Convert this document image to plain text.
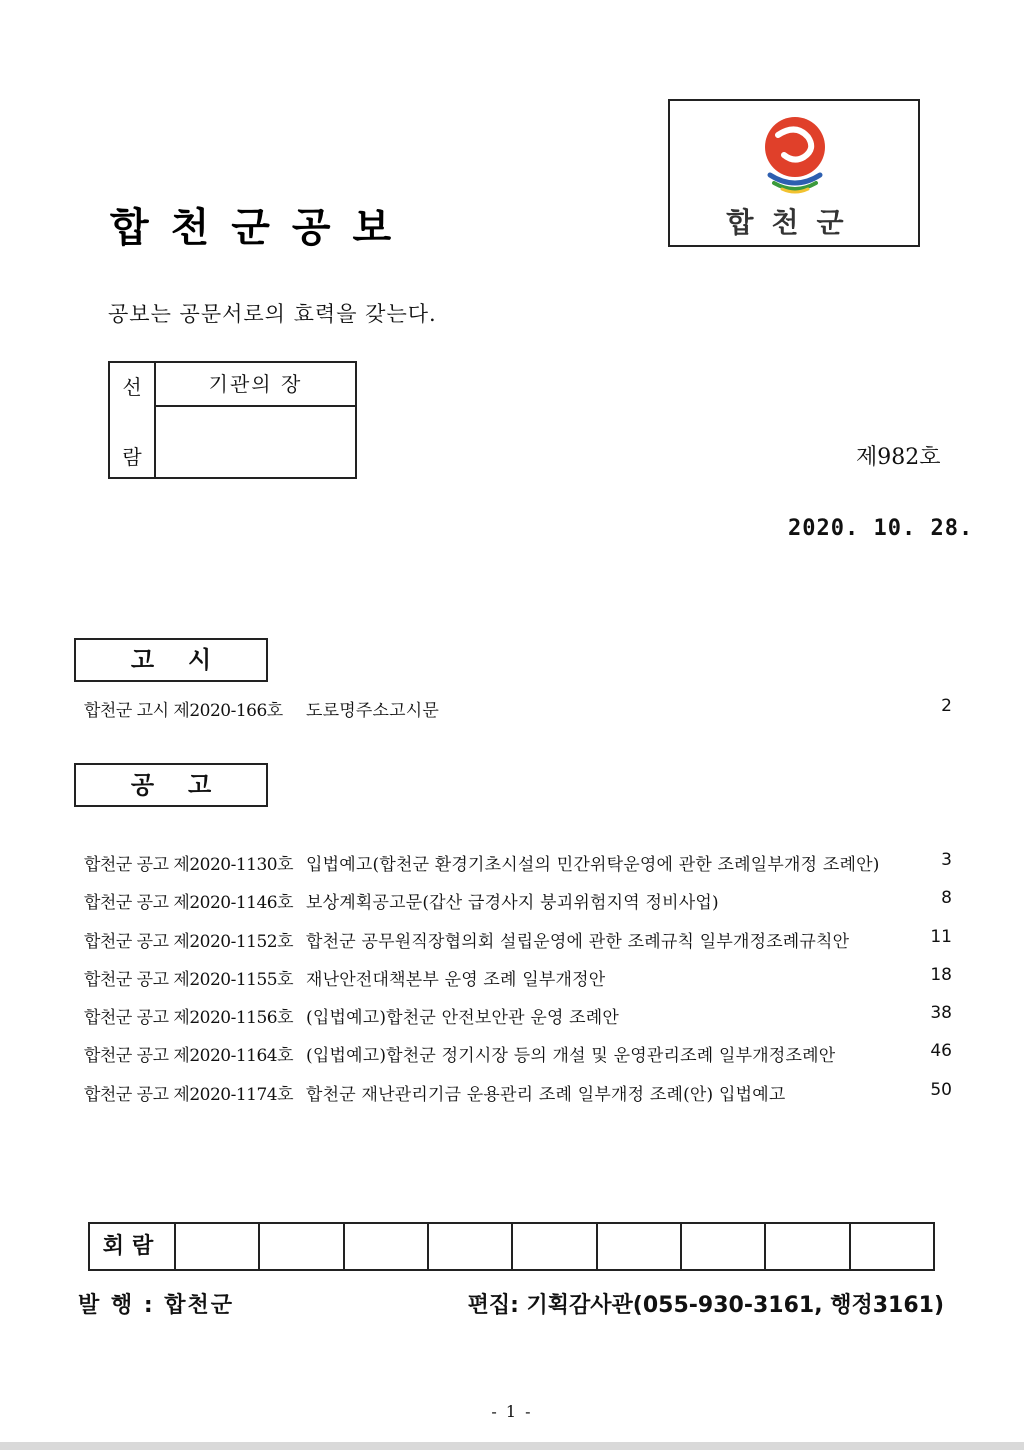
합천군공보	합천군
공보는 공문서로의 효력을 갖는다.
선
람
기관의 장
제982호
2020. 10. 28.
고시
합천군 고시 제2020-166호 도로명주소고시문	2
공고
합천군 공고 제2020-1130호 입법예고(합천군 환경기초시설의 민간위탁운영에 관한 조례일부개정 조례안)	3
합천군 공고 제2020-1146호 보상계획공고문(갑산 급경사지 붕괴위험지역 정비사업)	8
합천군 공고 제2020-1152호 합천군 공무원직장협의회 설립운영에 관한 조례규칙 일부개정조례규칙안	11
합천군 공고 제2020-1155호 재난안전대책본부 운영 조례 일부개정안	18
합천군 공고 제2020-1156호 (입법예고)합천군 안전보안관 운영 조례안	38
합천군 공고 제2020-1164호 (입법예고)합천군 정기시장 등의 개설 및 운영관리조례 일부개정조례안	46
합천군 공고 제2020-1174호 합천군 재난관리기금 운용관리 조례 일부개정 조례(안) 입법예고	50
회람
발 행 : 합천군	편집: 기획감사관(055-930-3161, 행정3161)
- 1 -
